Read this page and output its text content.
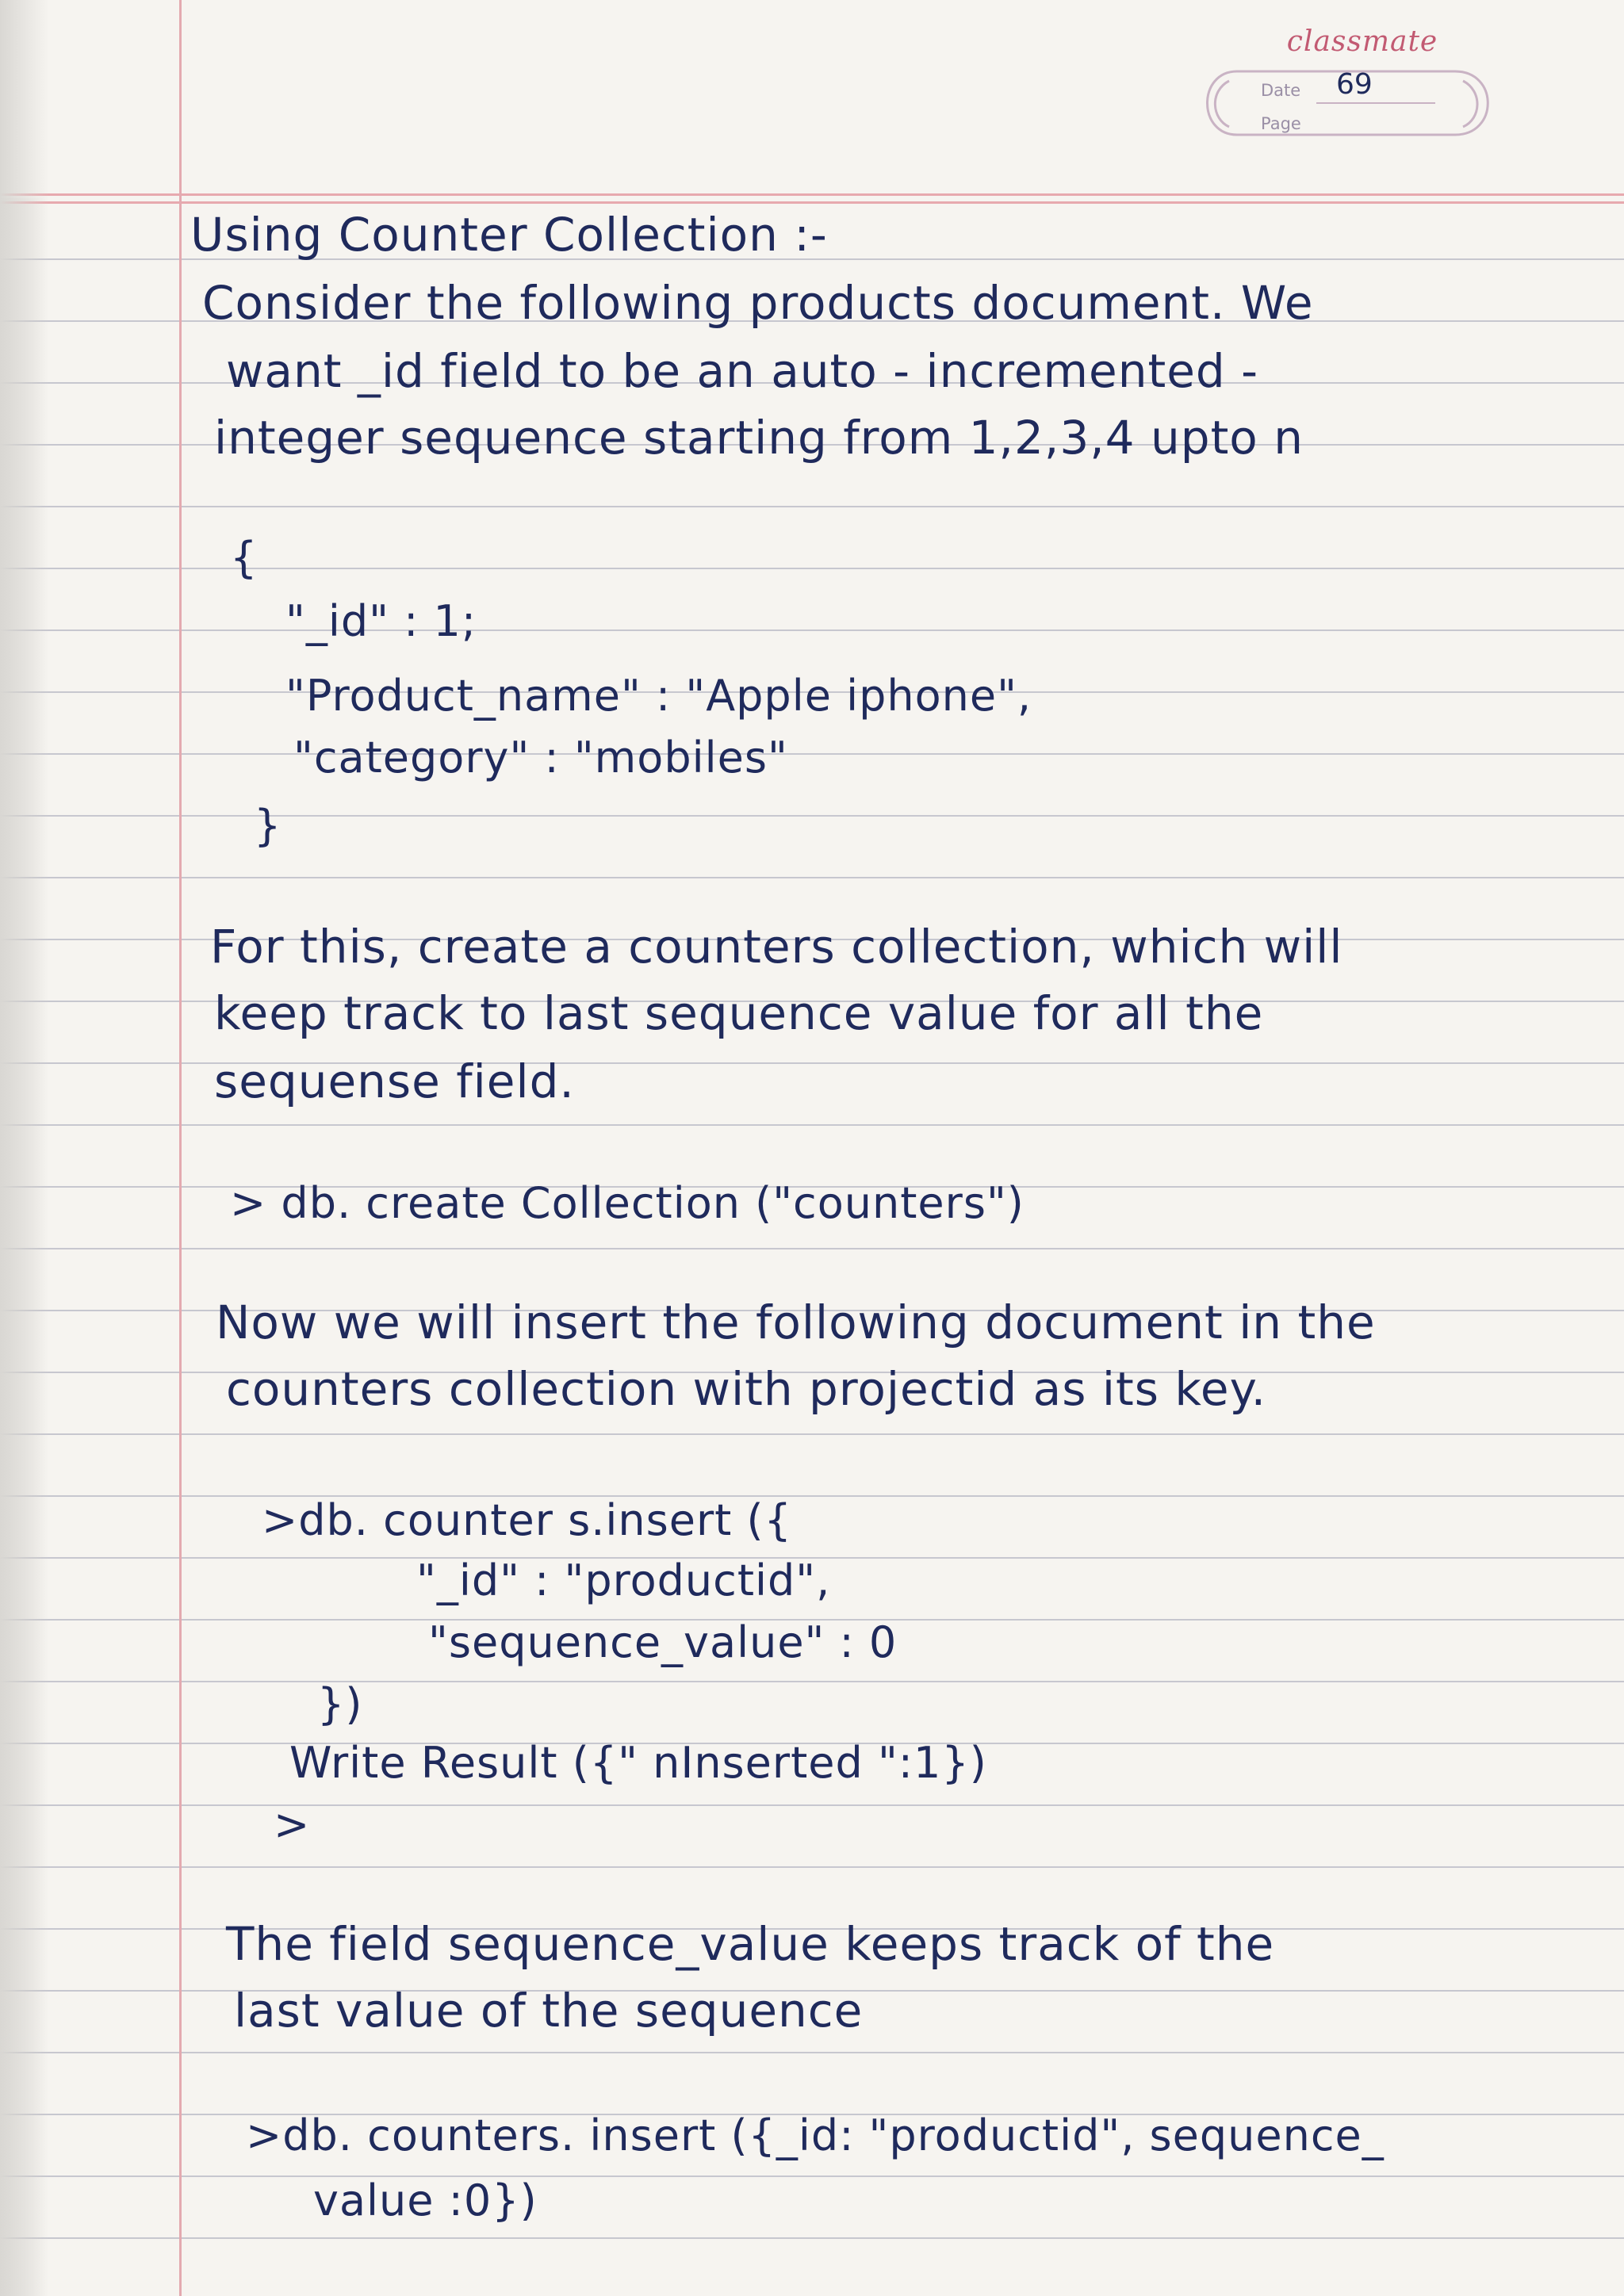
classmate
Date 69
Page

Using Counter Collection :-

Consider the following products document. We

want _id field to be an auto - incremented -

integer sequence starting from 1,2,3,4 upto n

{

"_id" : 1;

"Product_name" : "Apple iphone",

"category" : "mobiles"

}

For this, create a counters collection, which will

keep track to last sequence value for all the

sequense field.

> db. create Collection ("counters")

Now we will insert the following document in the

counters collection with projectid as its key.

>db. counter s.insert ({

"_id" : "productid",

"sequence_value" : 0

})

Write Result ({" nInserted ":1})

>

The field sequence_value keeps track of the

last value of the sequence

>db. counters. insert ({_id: "productid", sequence_

value :0})
